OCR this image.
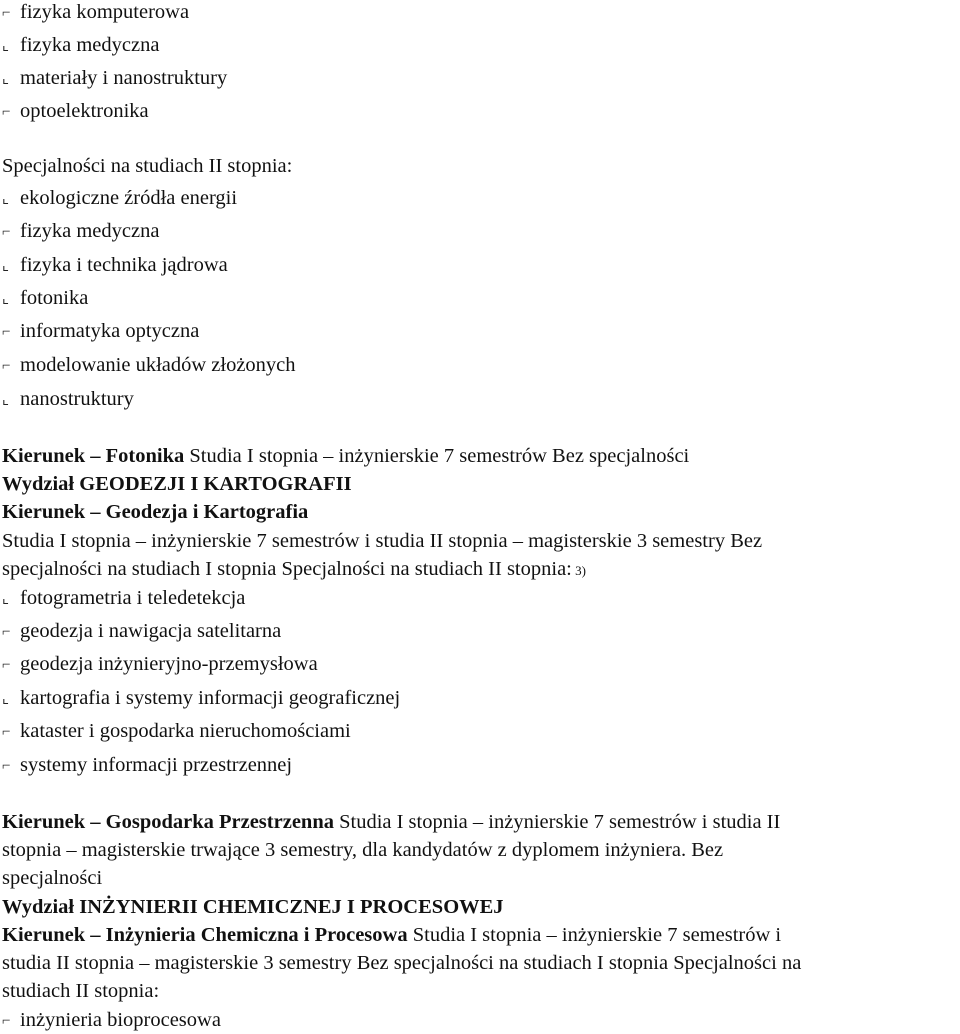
⌐ fizyka komputerowa
⌞ fizyka medyczna
⌞ materiały i nanostruktury
⌐ optoelektronika
Specjalności na studiach II stopnia:
⌞ ekologiczne źródła energii
⌐ fizyka medyczna
⌞ fizyka i technika jądrowa
⌞ fotonika
⌐ informatyka optyczna
⌐ modelowanie układów złożonych
⌞ nanostruktury
Kierunek – Fotonika Studia I stopnia – inżynierskie 7 semestrów Bez specjalności
Wydział GEODEZJI I KARTOGRAFII
Kierunek – Geodezja i Kartografia
Studia I stopnia – inżynierskie 7 semestrów i studia II stopnia – magisterskie 3 semestry Bez
specjalności na studiach I stopnia Specjalności na studiach II stopnia: 3)
⌞ fotogrametria i teledetekcja
⌐ geodezja i nawigacja satelitarna
⌐ geodezja inżynieryjno-przemysłowa
⌞ kartografia i systemy informacji geograficznej
⌐ kataster i gospodarka nieruchomościami
⌐ systemy informacji przestrzennej
Kierunek – Gospodarka Przestrzenna Studia I stopnia – inżynierskie 7 semestrów i studia II
stopnia – magisterskie trwające 3 semestry, dla kandydatów z dyplomem inżyniera. Bez
specjalności
Wydział INŻYNIERII CHEMICZNEJ I PROCESOWEJ
Kierunek – Inżynieria Chemiczna i Procesowa Studia I stopnia – inżynierskie 7 semestrów i
studia II stopnia – magisterskie 3 semestry Bez specjalności na studiach I stopnia Specjalności na
studiach II stopnia:
⌐ inżynieria bioprocesowa
